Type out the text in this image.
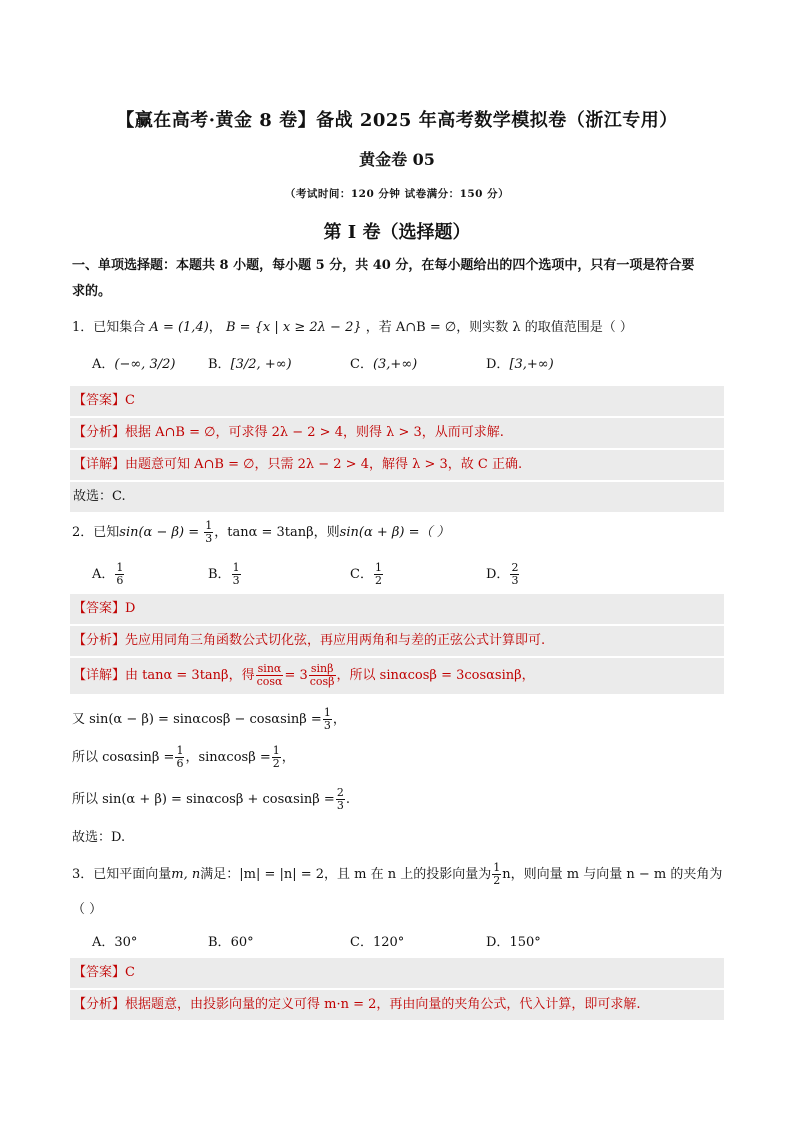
【赢在高考·黄金 8 卷】备战 2025 年高考数学模拟卷（浙江专用）
黄金卷 05
（考试时间：120 分钟 试卷满分：150 分）
第 I 卷（选择题）
一、单项选择题：本题共 8 小题，每小题 5 分，共 40 分，在每小题给出的四个选项中，只有一项是符合要
求的。
1．已知集合 A = (1,4)， B = {x | x ≥ 2λ − 2} ，若 A∩B = ∅，则实数 λ 的取值范围是（ ）
A．(−∞, 3/2)	B．[3/2, +∞)	C．(3,+∞)	D．[3,+∞)
【答案】C
【分析】根据 A∩B = ∅，可求得 2λ − 2 > 4，则得 λ > 3，从而可求解.
【详解】由题意可知 A∩B = ∅，只需 2λ − 2 > 4，解得 λ > 3，故 C 正确.
故选：C.
2．已知$\sin(\alpha - \beta) = \frac{1}{3}$ ，tanα = 3tanβ，则sin(α + β) =（ ）
A． $\frac{1}{6}$	B． $\frac{1}{3}$	C． $\frac{1}{2}$	D． $\frac{2}{3}$
【答案】D
【分析】先应用同角三角函数公式切化弦，再应用两角和与差的正弦公式计算即可.
【详解】由 tanα = 3tanβ，得 $\frac{\sin\alpha}{\cos\alpha} = 3 \frac{\sin\beta}{\cos\beta}$ ，所以 sinαcosβ = 3cosαsinβ，
又 $\sin(\alpha - \beta) = \sin\alpha\cos\beta - \cos\alpha\sin\beta = \frac{1}{3}$ ，
所以 $\cos\alpha\sin\beta = \frac{1}{6}$ ，$\sin\alpha\cos\beta = \frac{1}{2}$ ，
所以 $\sin(\alpha + \beta) = \sin\alpha\cos\beta + \cos\alpha\sin\beta = \frac{2}{3}$ .
故选：D.
3．已知平面向量m, n满足：|m| = |n| = 2，且 m 在 n 上的投影向量为 $\frac{1}{2}$ n，则向量 m 与向量 n − m 的夹角为
（ ）
A．30°	B．60°	C．120°	D．150°
【答案】C
【分析】根据题意，由投影向量的定义可得 m·n = 2，再由向量的夹角公式，代入计算，即可求解.
